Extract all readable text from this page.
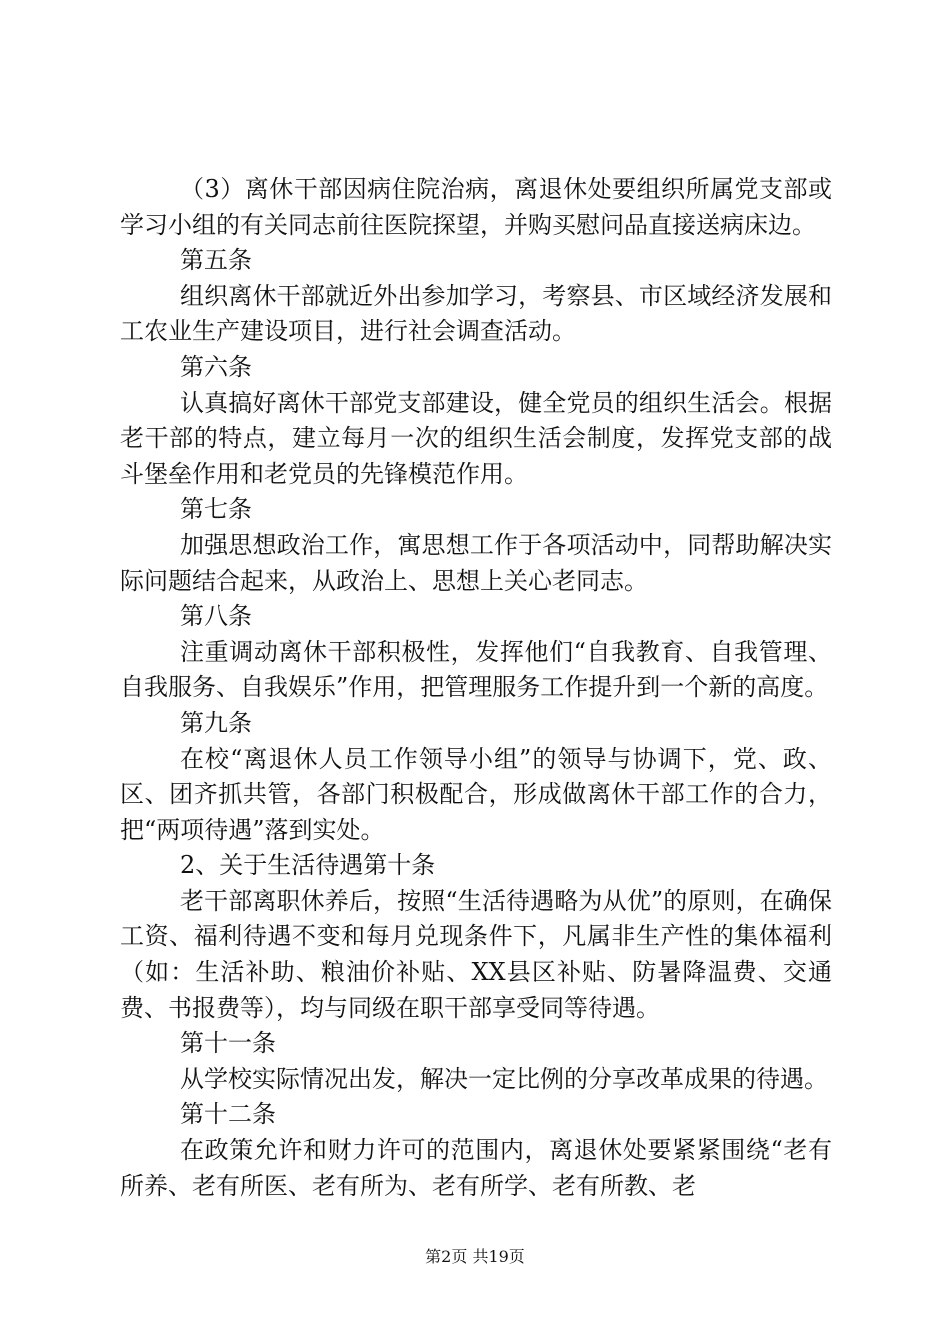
（3）离休干部因病住院治病，离退休处要组织所属党支部或学习小组的有关同志前往医院探望，并购买慰问品直接送病床边。

第五条

组织离休干部就近外出参加学习，考察县、市区域经济发展和工农业生产建设项目，进行社会调查活动。

第六条

认真搞好离休干部党支部建设，健全党员的组织生活会。根据老干部的特点，建立每月一次的组织生活会制度，发挥党支部的战斗堡垒作用和老党员的先锋模范作用。

第七条

加强思想政治工作，寓思想工作于各项活动中，同帮助解决实际问题结合起来，从政治上、思想上关心老同志。

第八条

注重调动离休干部积极性，发挥他们“自我教育、自我管理、自我服务、自我娱乐”作用，把管理服务工作提升到一个新的高度。

第九条

在校“离退休人员工作领导小组”的领导与协调下，党、政、区、团齐抓共管，各部门积极配合，形成做离休干部工作的合力，把“两项待遇”落到实处。

2、关于生活待遇第十条

老干部离职休养后，按照“生活待遇略为从优”的原则，在确保工资、福利待遇不变和每月兑现条件下，凡属非生产性的集体福利（如：生活补助、粮油价补贴、XX县区补贴、防暑降温费、交通费、书报费等），均与同级在职干部享受同等待遇。

第十一条

从学校实际情况出发，解决一定比例的分享改革成果的待遇。

第十二条

在政策允许和财力许可的范围内，离退休处要紧紧围绕“老有所养、老有所医、老有所为、老有所学、老有所教、老

第2页 共19页
